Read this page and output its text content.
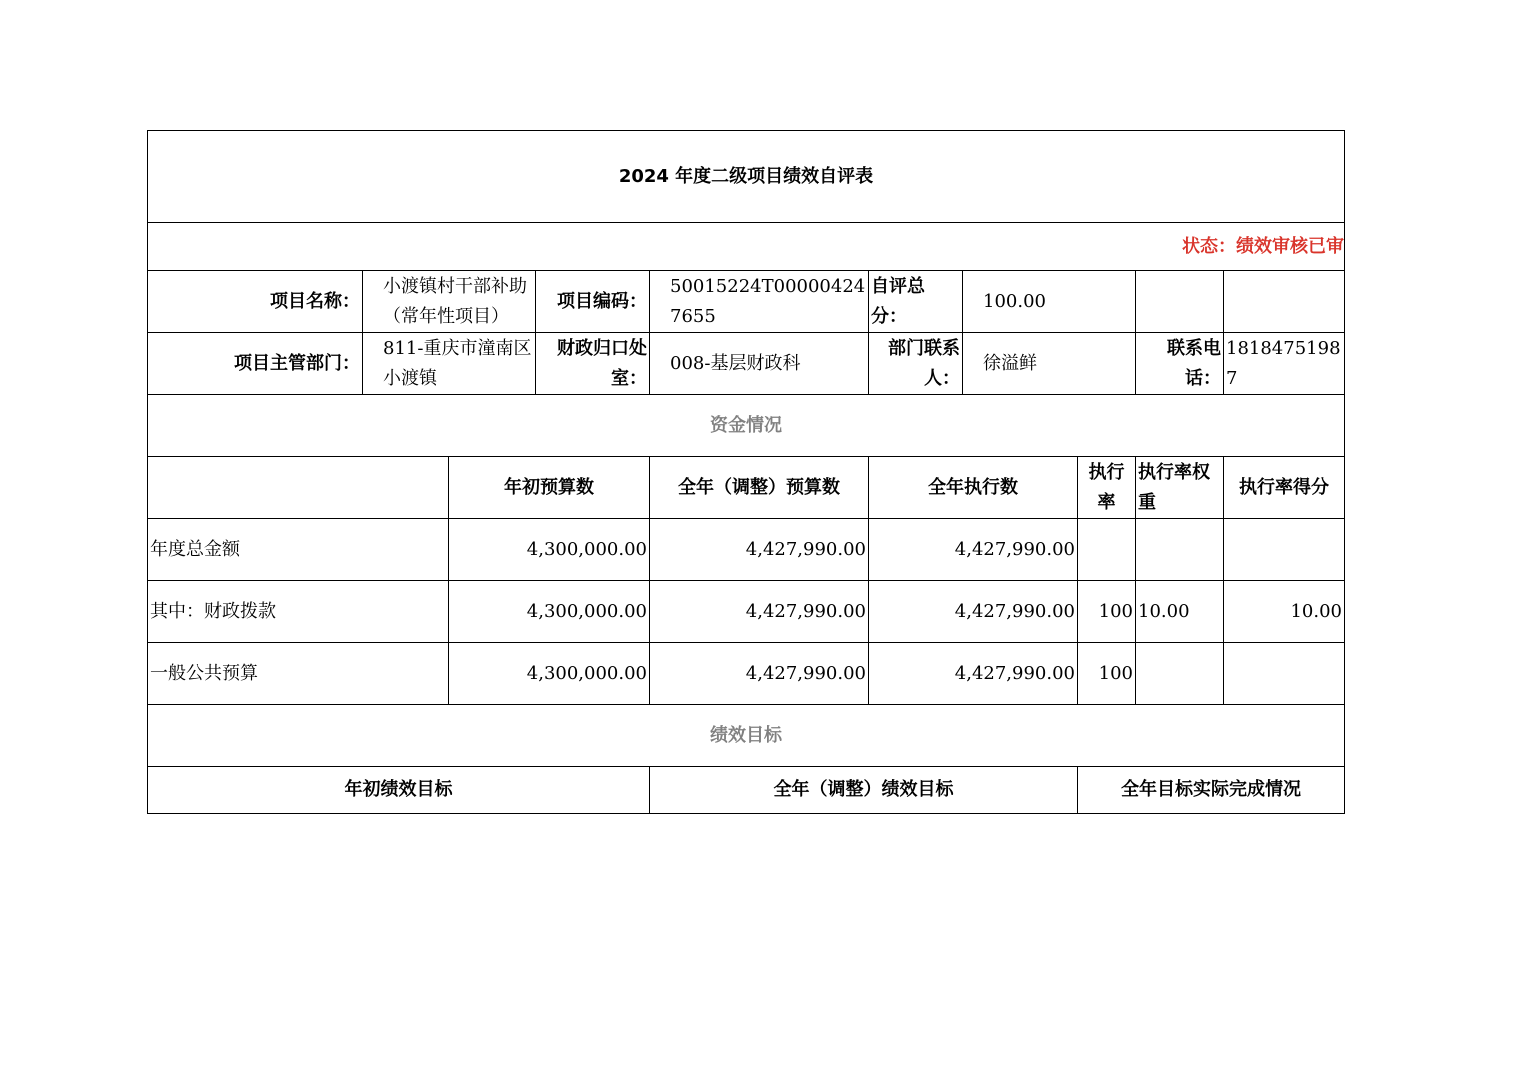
2024 年度二级项目绩效自评表									
状态：绩效审核已审									
项目名称：	小渡镇村干部补助（常年性项目）		项目编码：	50015224T000004247655	自评总分：	100.00			
项目主管部门：	811-重庆市潼南区小渡镇		财政归口处室：	008-基层财政科	部门联系人：	徐溢鲜		联系电话：	18184751987
资金情况									
		年初预算数		全年（调整）预算数	全年执行数		执行率	执行率权重	执行率得分
年度总金额		4,300,000.00		4,427,990.00	4,427,990.00				
其中：财政拨款		4,300,000.00		4,427,990.00	4,427,990.00		100	10.00	10.00
一般公共预算		4,300,000.00		4,427,990.00	4,427,990.00		100		
绩效目标									
年初绩效目标				全年（调整）绩效目标			全年目标实际完成情况		
